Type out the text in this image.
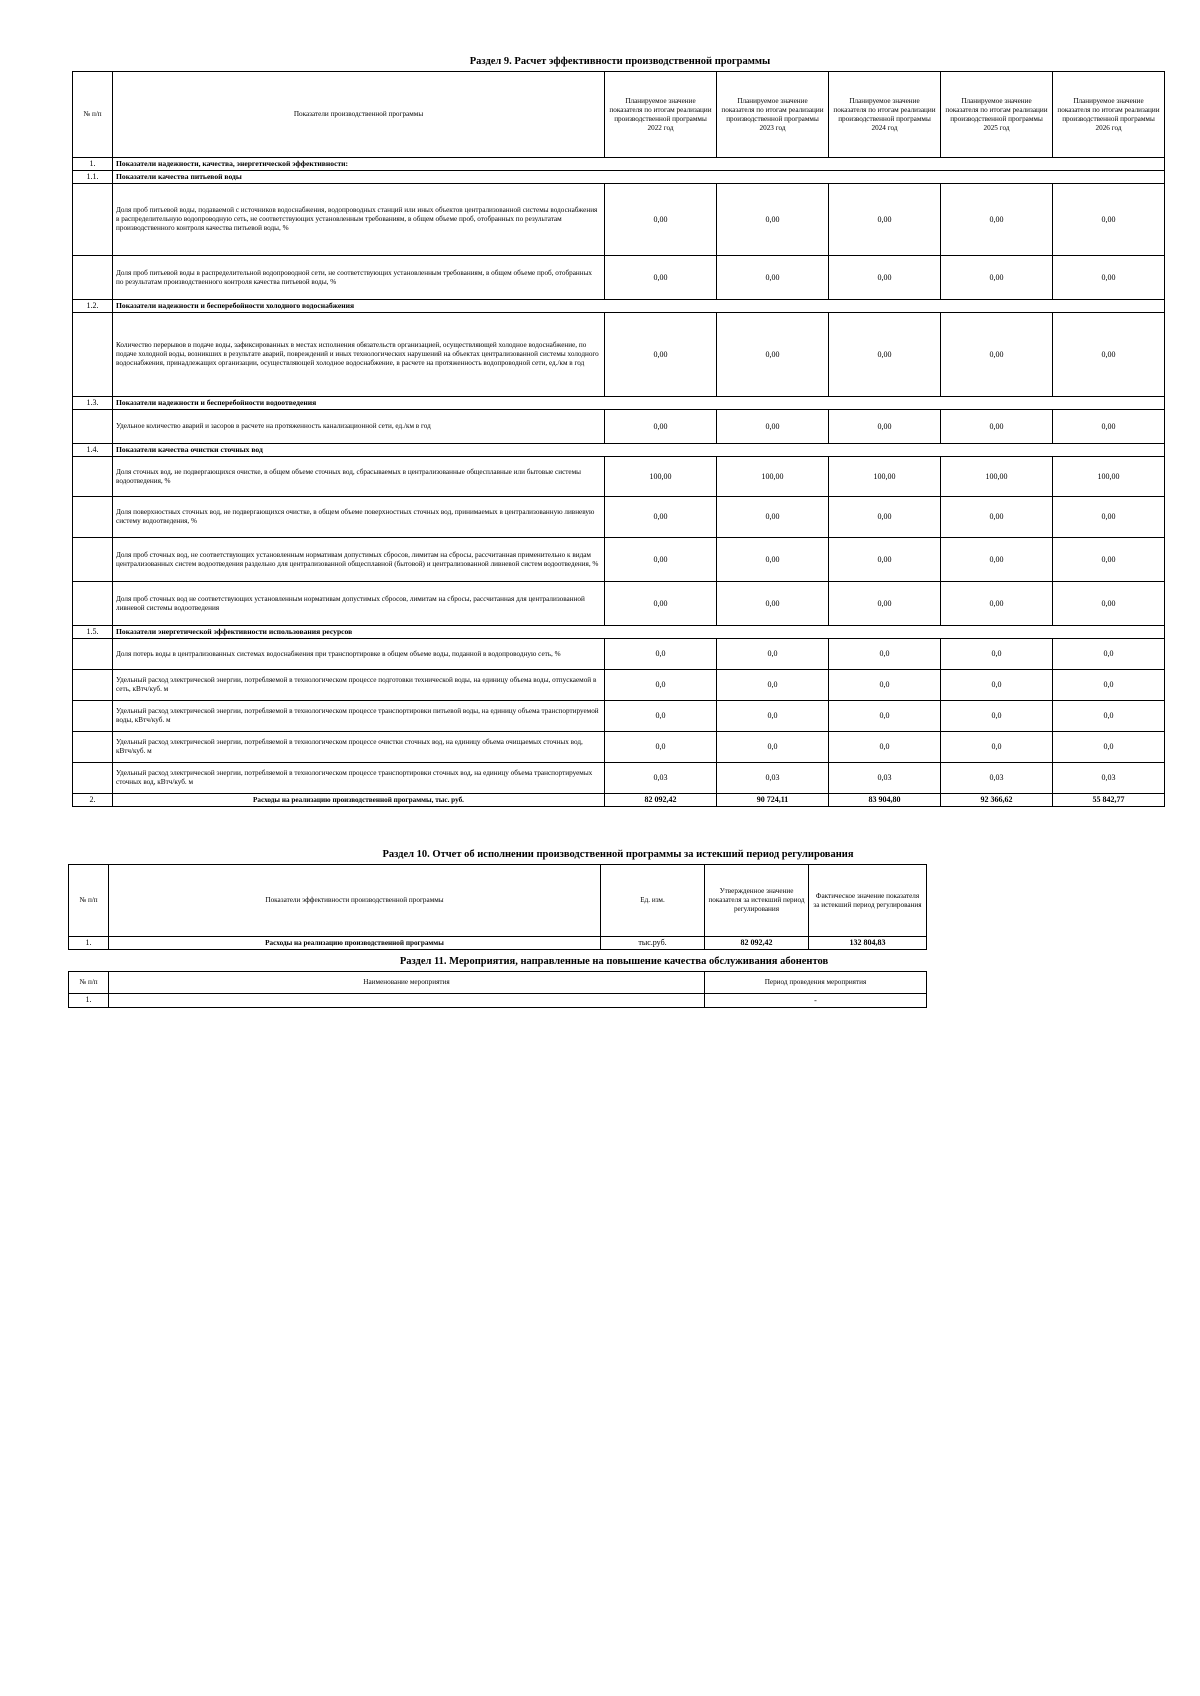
Раздел 9. Расчет эффективности производственной программы
№ п/п	Показатели производственной программы	Планируемое значение показателя по итогам реализации производственной программы 2022 год	Планируемое значение показателя по итогам реализации производственной программы 2023 год	Планируемое значение показателя по итогам реализации производственной программы 2024 год	Планируемое значение показателя по итогам реализации производственной программы 2025 год	Планируемое значение показателя по итогам реализации производственной программы 2026 год
1.	Показатели надежности, качества, энергетической эффективности:					
1.1.	Показатели качества питьевой воды					
	Доля проб питьевой воды, подаваемой с источников водоснабжения, водопроводных станций или иных объектов централизованной системы водоснабжения в распределительную водопроводную сеть, не соответствующих установленным требованиям, в общем объеме проб, отобранных по результатам производственного контроля качества питьевой воды, %	0,00	0,00	0,00	0,00	0,00
	Доля проб питьевой воды в распределительной водопроводной сети, не соответствующих установленным требованиям, в общем объеме проб, отобранных по результатам производственного контроля качества питьевой воды, %	0,00	0,00	0,00	0,00	0,00
1.2.	Показатели надежности и бесперебойности холодного водоснабжения					
	Количество перерывов в подаче воды, зафиксированных в местах исполнения обязательств организацией, осуществляющей холодное водоснабжение, по подаче холодной воды, возникших в результате аварий, повреждений и иных технологических нарушений на объектах централизованной системы холодного водоснабжения, принадлежащих организации, осуществляющей холодное водоснабжение, в расчете на протяженность водопроводной сети, ед./км в год	0,00	0,00	0,00	0,00	0,00
1.3.	Показатели надежности и бесперебойности водоотведения					
	Удельное количество аварий и засоров в расчете на протяженность канализационной сети, ед./км в год	0,00	0,00	0,00	0,00	0,00
1.4.	Показатели качества очистки сточных вод					
	Доля сточных вод, не подвергающихся очистке, в общем объеме сточных вод, сбрасываемых в централизованные общесплавные или бытовые системы водоотведения, %	100,00	100,00	100,00	100,00	100,00
	Доля поверхностных сточных вод, не подвергающихся очистке, в общем объеме поверхностных сточных вод, принимаемых в централизованную ливневую систему водоотведения, %	0,00	0,00	0,00	0,00	0,00
	Доля проб сточных вод, не соответствующих установленным нормативам допустимых сбросов, лимитам на сбросы, рассчитанная применительно к видам централизованных систем водоотведения раздельно для централизованной общесплавной (бытовой) и централизованной ливневой систем водоотведения, %	0,00	0,00	0,00	0,00	0,00
	Доля проб сточных вод не соответствующих установленным нормативам допустимых сбросов, лимитам на сбросы, рассчитанная для централизованной ливневой системы водоотведения	0,00	0,00	0,00	0,00	0,00
1.5.	Показатели энергетической эффективности использования ресурсов					
	Доля потерь воды в централизованных системах водоснабжения при транспортировке в общем объеме воды, поданной в водопроводную сеть, %	0,0	0,0	0,0	0,0	0,0
	Удельный расход электрической энергии, потребляемой в технологическом процессе подготовки технической воды, на единицу объема воды, отпускаемой в сеть, кВтч/куб. м	0,0	0,0	0,0	0,0	0,0
	Удельный расход электрической энергии, потребляемой в технологическом процессе транспортировки питьевой воды, на единицу объема транспортируемой воды, кВтч/куб. м	0,0	0,0	0,0	0,0	0,0
	Удельный расход электрической энергии, потребляемой в технологическом процессе очистки сточных вод, на единицу объема очищаемых сточных вод, кВтч/куб. м	0,0	0,0	0,0	0,0	0,0
	Удельный расход электрической энергии, потребляемой в технологическом процессе транспортировки сточных вод, на единицу объема транспортируемых сточных вод, кВтч/куб. м	0,03	0,03	0,03	0,03	0,03
2.	Расходы на реализацию производственной программы, тыс. руб.	82 092,42	90 724,11	83 904,80	92 366,62	55 842,77
Раздел 10. Отчет об исполнении производственной программы за истекший период регулирования
№ п/п	Показатели эффективности производственной программы	Ед. изм.	Утвержденное значение показателя за истекший период регулирования	Фактическое значение показателя за истекший период регулирования
1.	Расходы на реализацию производственной программы	тыс.руб.	82 092,42	132 804,83
Раздел 11. Мероприятия, направленные на повышение качества обслуживания абонентов
№ п/п	Наименование мероприятия	Период проведения мероприятия
1.		-
